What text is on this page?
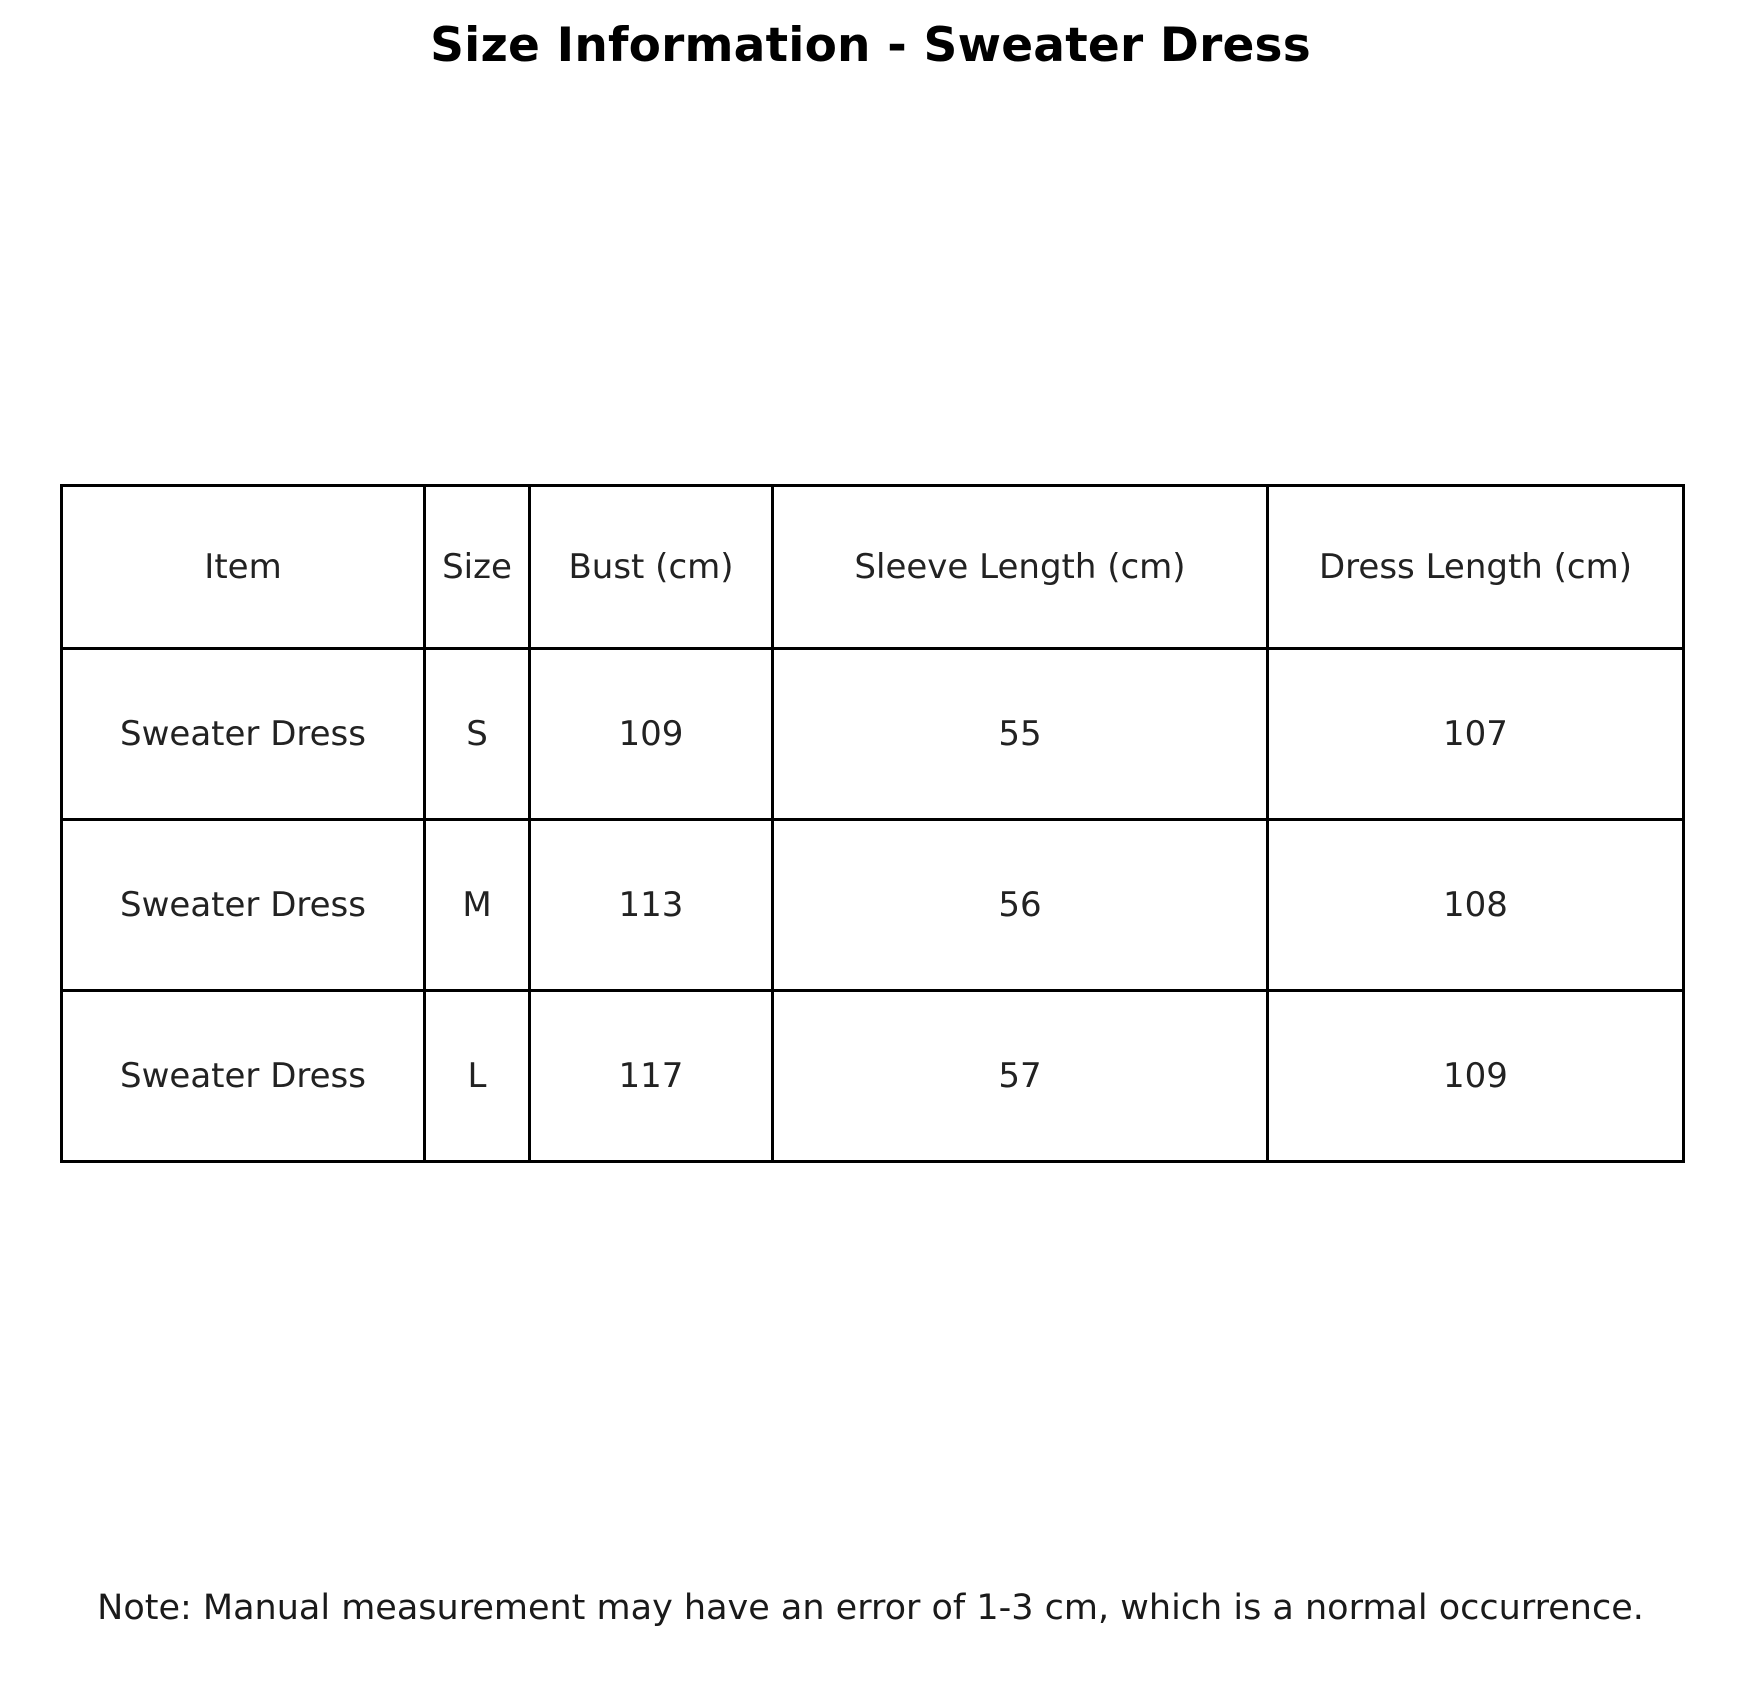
Size Information - Sweater Dress
Item	Size	Bust (cm)	Sleeve Length (cm)	Dress Length (cm)
Sweater Dress	S	109	55	107
Sweater Dress	M	113	56	108
Sweater Dress	L	117	57	109
Note: Manual measurement may have an error of 1-3 cm, which is a normal occurrence.
